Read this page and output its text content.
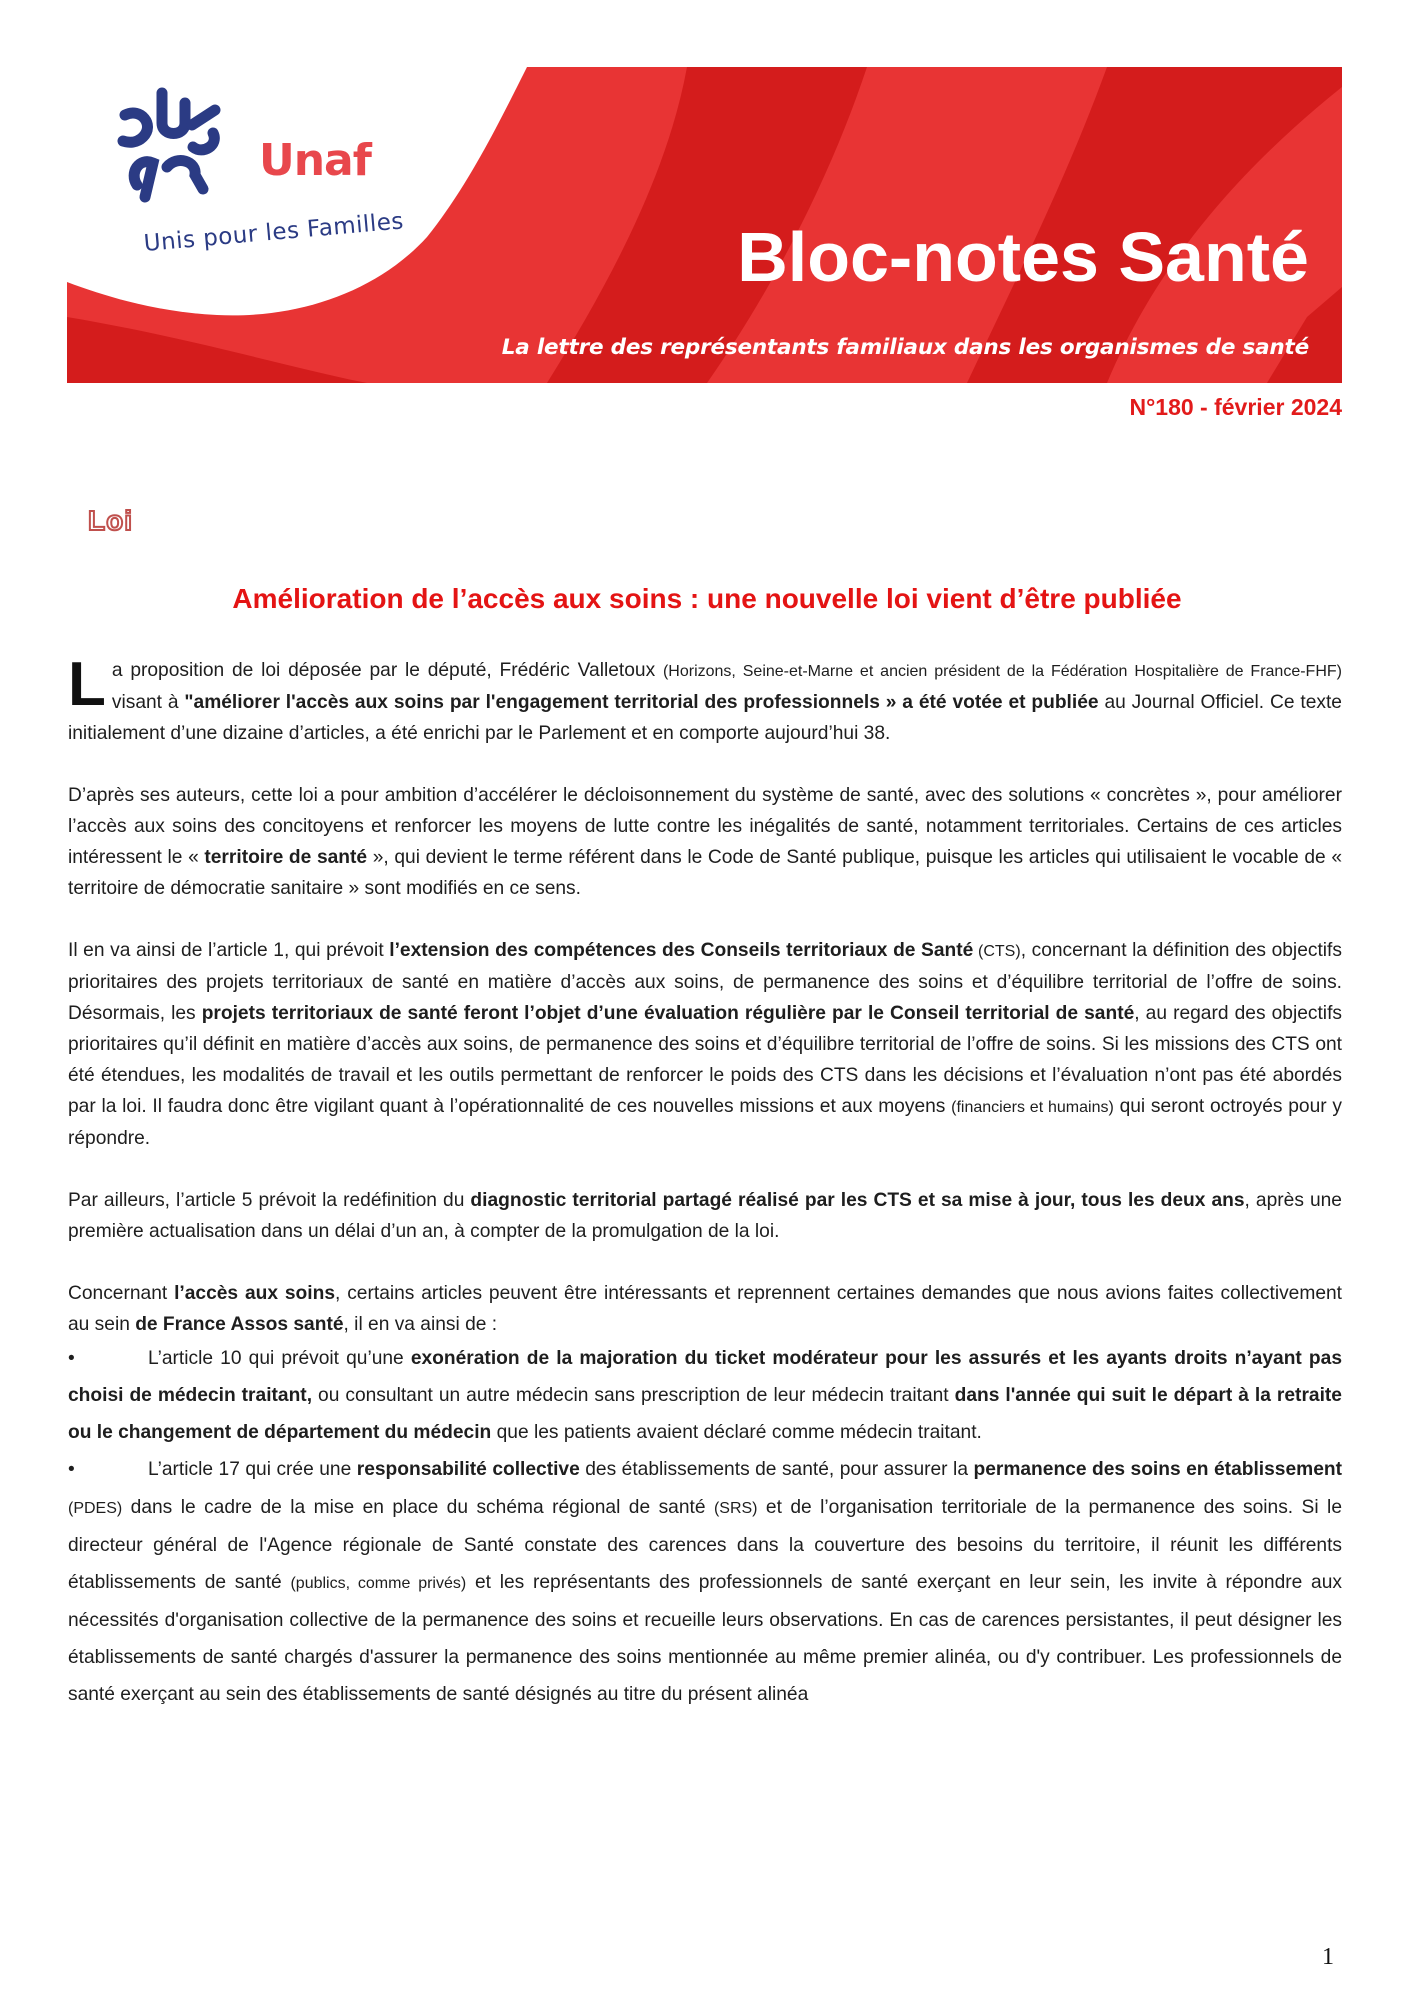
Unaf
Unis pour les Familles	Bloc-notes Santé
La lettre des représentants familiaux dans les organismes de santé
N°180 - février 2024
Loi
Amélioration de l’accès aux soins : une nouvelle loi vient d’être publiée

La proposition de loi déposée par le député, Frédéric Valletoux (Horizons, Seine-et-Marne et ancien président de la Fédération Hospitalière de France-FHF) visant à "améliorer l'accès aux soins par l'engagement territorial des professionnels » a été votée et publiée au Journal Officiel. Ce texte initialement d’une dizaine d’articles, a été enrichi par le Parlement et en comporte aujourd’hui 38.

D’après ses auteurs, cette loi a pour ambition d’accélérer le décloisonnement du système de santé, avec des solutions « concrètes », pour améliorer l’accès aux soins des concitoyens et renforcer les moyens de lutte contre les inégalités de santé, notamment territoriales. Certains de ces articles intéressent le « territoire de santé », qui devient le terme référent dans le Code de Santé publique, puisque les articles qui utilisaient le vocable de « territoire de démocratie sanitaire » sont modifiés en ce sens.

Il en va ainsi de l’article 1, qui prévoit l’extension des compétences des Conseils territoriaux de Santé (CTS), concernant la définition des objectifs prioritaires des projets territoriaux de santé en matière d’accès aux soins, de permanence des soins et d’équilibre territorial de l’offre de soins. Désormais, les projets territoriaux de santé feront l’objet d’une évaluation régulière par le Conseil territorial de santé, au regard des objectifs prioritaires qu’il définit en matière d’accès aux soins, de permanence des soins et d’équilibre territorial de l’offre de soins. Si les missions des CTS ont été étendues, les modalités de travail et les outils permettant de renforcer le poids des CTS dans les décisions et l’évaluation n’ont pas été abordés par la loi. Il faudra donc être vigilant quant à l’opérationnalité de ces nouvelles missions et aux moyens (financiers et humains) qui seront octroyés pour y répondre.

Par ailleurs, l’article 5 prévoit la redéfinition du diagnostic territorial partagé réalisé par les CTS et sa mise à jour, tous les deux ans, après une première actualisation dans un délai d’un an, à compter de la promulgation de la loi.

Concernant l’accès aux soins, certains articles peuvent être intéressants et reprennent certaines demandes que nous avions faites collectivement au sein de France Assos santé, il en va ainsi de :

•	L’article 10 qui prévoit qu’une exonération de la majoration du ticket modérateur pour les assurés et les ayants droits n’ayant pas choisi de médecin traitant, ou consultant un autre médecin sans prescription de leur médecin traitant dans l'année qui suit le départ à la retraite ou le changement de département du médecin que les patients avaient déclaré comme médecin traitant.
•	L’article 17 qui crée une responsabilité collective des établissements de santé, pour assurer la permanence des soins en établissement (PDES) dans le cadre de la mise en place du schéma régional de santé (SRS) et de l’organisation territoriale de la permanence des soins. Si le directeur général de l'Agence régionale de Santé constate des carences dans la couverture des besoins du territoire, il réunit les différents établissements de santé (publics, comme privés) et les représentants des professionnels de santé exerçant en leur sein, les invite à répondre aux nécessités d'organisation collective de la permanence des soins et recueille leurs observations. En cas de carences persistantes, il peut désigner les établissements de santé chargés d'assurer la permanence des soins mentionnée au même premier alinéa, ou d'y contribuer. Les professionnels de santé exerçant au sein des établissements de santé désignés au titre du présent alinéa
1
